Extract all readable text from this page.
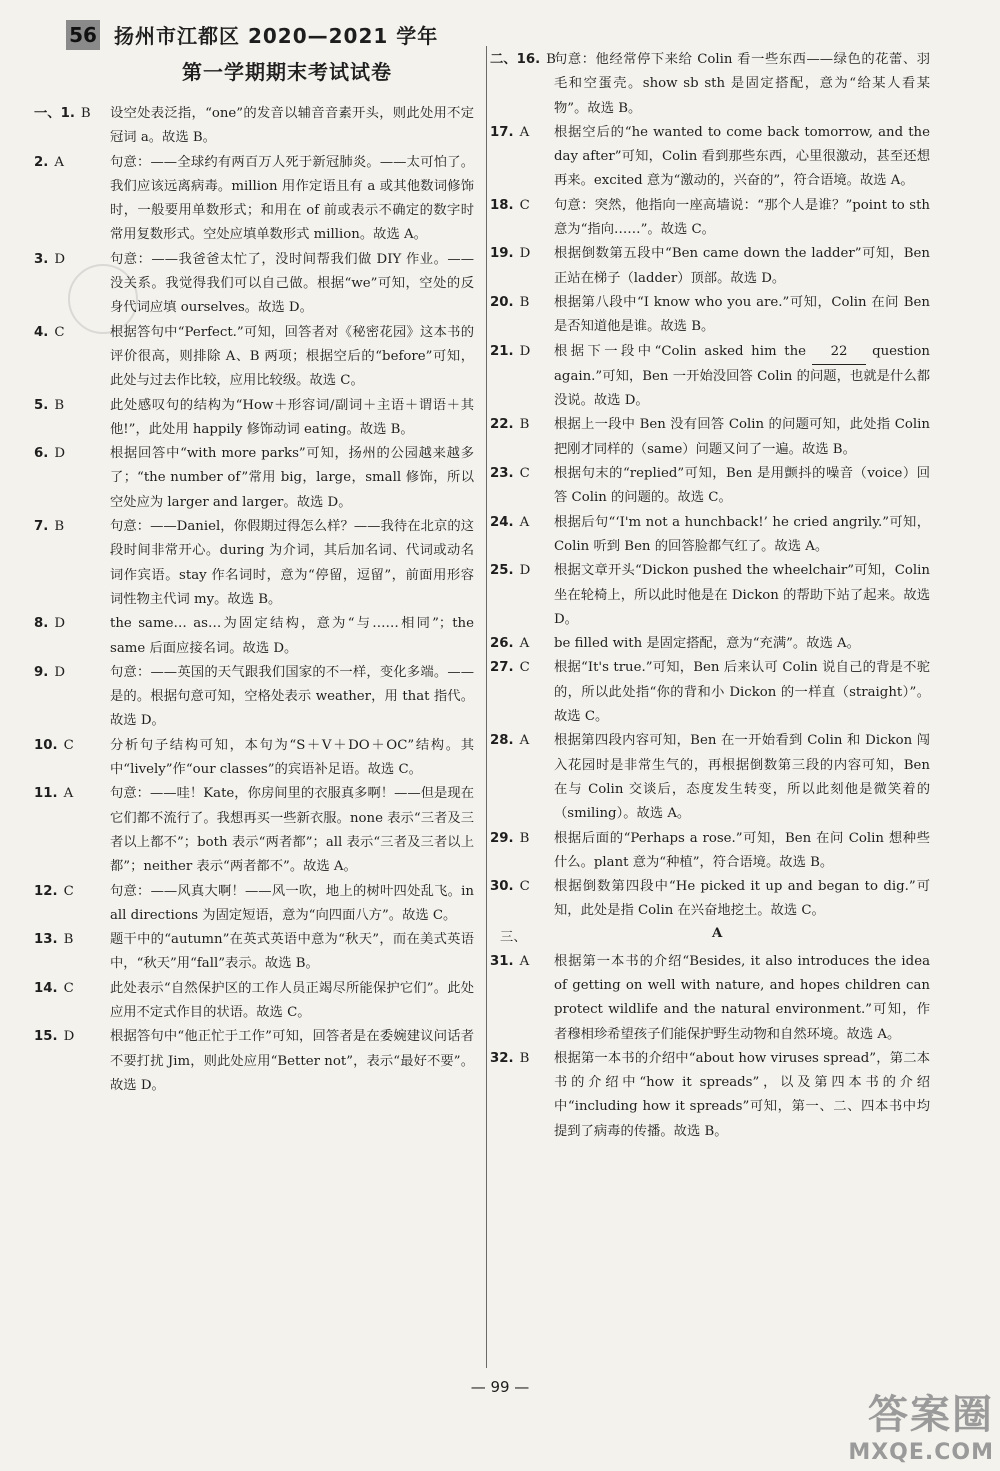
56 扬州市江都区 2020—2021 学年
第一学期期末考试试卷
一、1. B 设空处表泛指，“one”的发音以辅音音素开头，则此处用不定冠词 a。故选 B。
2. A	句意：——全球约有两百万人死于新冠肺炎。——太可怕了。我们应该远离病毒。million 用作定语且有 a 或其他数词修饰时，一般要用单数形式；和用在 of 前或表示不确定的数字时常用复数形式。空处应填单数形式 million。故选 A。
3. D	句意：——我爸爸太忙了，没时间帮我们做 DIY 作业。——没关系。我觉得我们可以自己做。根据“we”可知，空处的反身代词应填 ourselves。故选 D。
4. C	根据答句中“Perfect.”可知，回答者对《秘密花园》这本书的评价很高，则排除 A、B 两项；根据空后的“before”可知，此处与过去作比较，应用比较级。故选 C。
5. B	此处感叹句的结构为“How＋形容词/副词＋主语＋谓语＋其他!”，此处用 happily 修饰动词 eating。故选 B。
6. D	根据回答中“with more parks”可知，扬州的公园越来越多了；“the number of”常用 big，large，small 修饰，所以空处应为 larger and larger。故选 D。
7. B	句意：——Daniel，你假期过得怎么样？——我待在北京的这段时间非常开心。during 为介词，其后加名词、代词或动名词作宾语。stay 作名词时，意为“停留，逗留”，前面用形容词性物主代词 my。故选 B。
8. D	the same… as…为固定结构，意为“与……相同”；the same 后面应接名词。故选 D。
9. D	句意：——英国的天气跟我们国家的不一样，变化多端。——是的。根据句意可知，空格处表示 weather，用 that 指代。故选 D。
10. C	分析句子结构可知，本句为“S＋V＋DO＋OC”结构。其中“lively”作“our classes”的宾语补足语。故选 C。
11. A	句意：——哇！Kate，你房间里的衣服真多啊！——但是现在它们都不流行了。我想再买一些新衣服。none 表示“三者及三者以上都不”；both 表示“两者都”；all 表示“三者及三者以上都”；neither 表示“两者都不”。故选 A。
12. C	句意：——风真大啊！——风一吹，地上的树叶四处乱飞。in all directions 为固定短语，意为“向四面八方”。故选 C。
13. B	题干中的“autumn”在英式英语中意为“秋天”，而在美式英语中，“秋天”用“fall”表示。故选 B。
14. C	此处表示“自然保护区的工作人员正竭尽所能保护它们”。此处应用不定式作目的状语。故选 C。
15. D	根据答句中“他正忙于工作”可知，回答者是在委婉建议问话者不要打扰 Jim，则此处应用“Better not”，表示“最好不要”。故选 D。
二、16. B
句意：他经常停下来给 Colin 看一些东西——绿色的花蕾、羽毛和空蛋壳。show sb sth 是固定搭配，意为“给某人看某物”。故选 B。
17. A 根据空后的“he wanted to come back tomorrow, and the day after”可知，Colin 看到那些东西，心里很激动，甚至还想再来。excited 意为“激动的，兴奋的”，符合语境。故选 A。
18. C 句意：突然，他指向一座高墙说：“那个人是谁？”point to sth 意为“指向……”。故选 C。
19. D 根据倒数第五段中“Ben came down the ladder”可知，Ben 正站在梯子（ladder）顶部。故选 D。
20. B 根据第八段中“I know who you are.”可知，Colin 在问 Ben 是否知道他是谁。故选 B。
21. D 根据下一段中“Colin asked him the 22 question again.”可知，Ben 一开始没回答 Colin 的问题，也就是什么都没说。故选 D。
22. B 根据上一段中 Ben 没有回答 Colin 的问题可知，此处指 Colin 把刚才同样的（same）问题又问了一遍。故选 B。
23. C 根据句末的“replied”可知，Ben 是用颤抖的噪音（voice）回答 Colin 的问题的。故选 C。
24. A 根据后句“‘I'm not a hunchback!’ he cried angrily.”可知，Colin 听到 Ben 的回答脸都气红了。故选 A。
25. D 根据文章开头“Dickon pushed the wheelchair”可知，Colin 坐在轮椅上，所以此时他是在 Dickon 的帮助下站了起来。故选 D。
26. A be filled with 是固定搭配，意为“充满”。故选 A。
27. C 根据“It's true.”可知，Ben 后来认可 Colin 说自己的背是不驼的，所以此处指“你的背和小 Dickon 的一样直（straight）”。故选 C。
28. A 根据第四段内容可知，Ben 在一开始看到 Colin 和 Dickon 闯入花园时是非常生气的，再根据倒数第三段的内容可知，Ben 在与 Colin 交谈后，态度发生转变，所以此刻他是微笑着的（smiling）。故选 A。
29. B 根据后面的“Perhaps a rose.”可知，Ben 在问 Colin 想种些什么。plant 意为“种植”，符合语境。故选 B。
30. C 根据倒数第四段中“He picked it up and began to dig.”可知，此处是指 Colin 在兴奋地挖土。故选 C。
三、	A
31. A 根据第一本书的介绍“Besides, it also introduces the idea of getting on well with nature, and hopes children can protect wildlife and the natural environment.”可知，作者穆相珍希望孩子们能保护野生动物和自然环境。故选 A。
32. B 根据第一本书的介绍中“about how viruses spread”，第二本书的介绍中“how it spreads”，以及第四本书的介绍中“including how it spreads”可知，第一、二、四本书中均提到了病毒的传播。故选 B。
— 99 —
答案圈
MXQE.COM
